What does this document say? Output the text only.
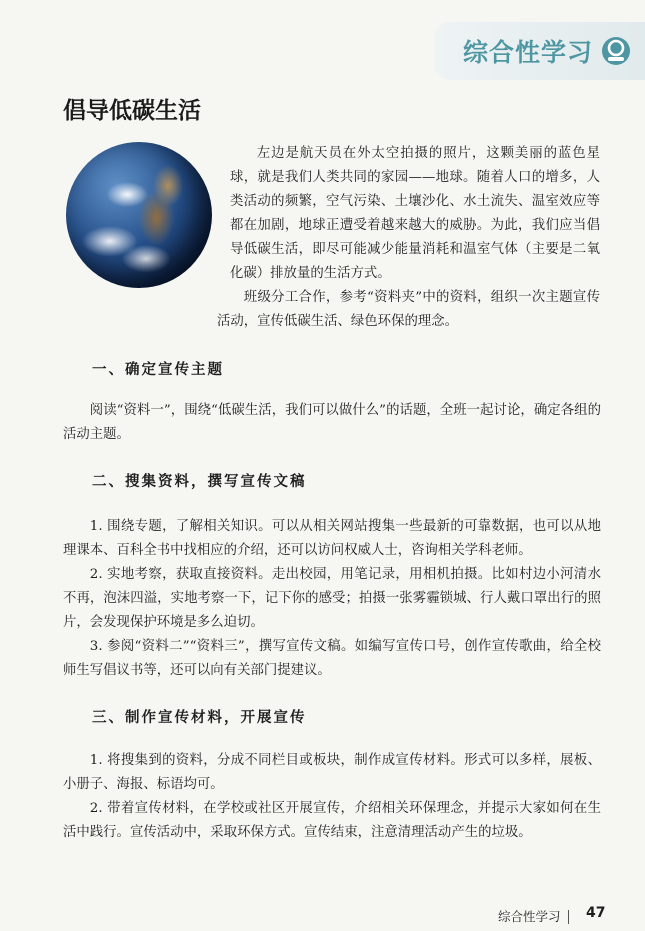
综合性学习
倡导低碳生活

左边是航天员在外太空拍摄的照片，这颗美丽的蓝色星球，就是我们人类共同的家园——地球。随着人口的增多，人类活动的频繁，空气污染、土壤沙化、水土流失、温室效应等都在加剧，地球正遭受着越来越大的威胁。为此，我们应当倡导低碳生活，即尽可能减少能量消耗和温室气体（主要是二氧化碳）排放量的生活方式。

班级分工合作，参考“资料夹”中的资料，组织一次主题宣传活动，宣传低碳生活、绿色环保的理念。

一、确定宣传主题

阅读“资料一”，围绕“低碳生活，我们可以做什么”的话题，全班一起讨论，确定各组的活动主题。

二、搜集资料，撰写宣传文稿

1. 围绕专题，了解相关知识。可以从相关网站搜集一些最新的可靠数据，也可以从地理课本、百科全书中找相应的介绍，还可以访问权威人士，咨询相关学科老师。

2. 实地考察，获取直接资料。走出校园，用笔记录，用相机拍摄。比如村边小河清水不再，泡沫四溢，实地考察一下，记下你的感受；拍摄一张雾霾锁城、行人戴口罩出行的照片，会发现保护环境是多么迫切。

3. 参阅“资料二”“资料三”，撰写宣传文稿。如编写宣传口号，创作宣传歌曲，给全校师生写倡议书等，还可以向有关部门提建议。

三、制作宣传材料，开展宣传

1. 将搜集到的资料，分成不同栏目或板块，制作成宣传材料。形式可以多样，展板、小册子、海报、标语均可。

2. 带着宣传材料，在学校或社区开展宣传，介绍相关环保理念，并提示大家如何在生活中践行。宣传活动中，采取环保方式。宣传结束，注意清理活动产生的垃圾。

综合性学习 47
